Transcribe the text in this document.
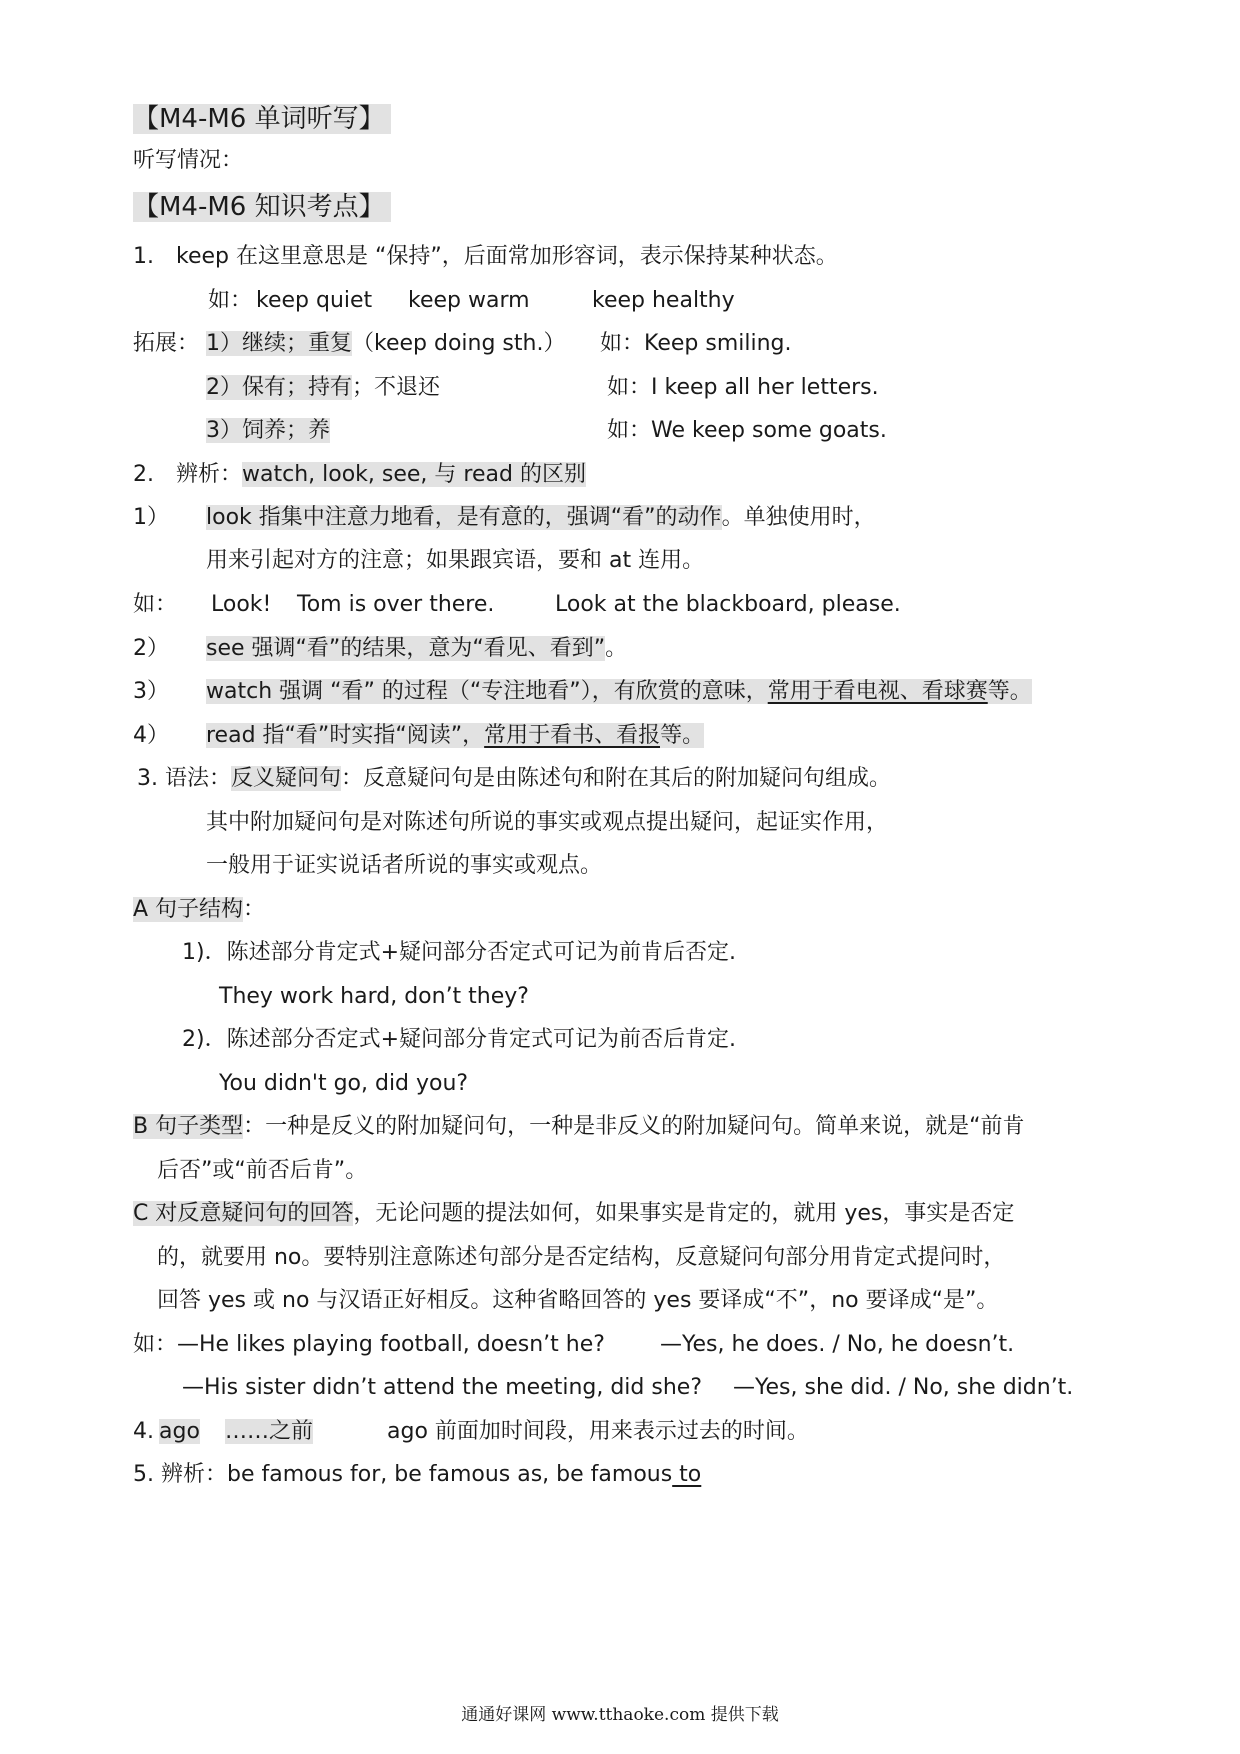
【M4-M6 单词听写】
听写情况：
【M4-M6 知识考点】
1. keep 在这里意思是 “保持”，后面常加形容词，表示保持某种状态。
如： keep quiet keep warm	keep healthy
拓展： 1）继续；重复（keep doing sth.） 如：Keep smiling.
2）保有；持有；不退还	如：I keep all her letters.
3）饲养；养	如：We keep some goats.
2. 辨析：watch, look, see, 与 read 的区别
1） look 指集中注意力地看，是有意的，强调“看”的动作。单独使用时，
用来引起对方的注意；如果跟宾语，要和 at 连用。
如： Look! Tom is over there.	Look at the blackboard, please.
2） see 强调“看”的结果，意为“看见、看到”。
3） watch 强调 “看” 的过程（“专注地看”），有欣赏的意味，常用于看电视、看球赛等。
4） read 指“看”时实指“阅读”，常用于看书、看报等。
3. 语法：反义疑问句：反意疑问句是由陈述句和附在其后的附加疑问句组成。
其中附加疑问句是对陈述句所说的事实或观点提出疑问，起证实作用，
一般用于证实说话者所说的事实或观点。
A 句子结构：
1)．陈述部分肯定式+疑问部分否定式可记为前肯后否定.
They work hard, don’t they?
2)．陈述部分否定式+疑问部分肯定式可记为前否后肯定.
You didn't go, did you?
B 句子类型：一种是反义的附加疑问句，一种是非反义的附加疑问句。简单来说，就是“前肯
后否”或“前否后肯”。
C 对反意疑问句的回答，无论问题的提法如何，如果事实是肯定的，就用 yes，事实是否定
的，就要用 no。要特别注意陈述句部分是否定结构，反意疑问句部分用肯定式提问时，
回答 yes 或 no 与汉语正好相反。这种省略回答的 yes 要译成“不”，no 要译成“是”。
如：—He likes playing football, doesn’t he?	—Yes, he does. / No, he doesn’t.
—His sister didn’t attend the meeting, did she? —Yes, she did. / No, she didn’t.
4. ago ……之前	ago 前面加时间段，用来表示过去的时间。
5. 辨析：be famous for, be famous as, be famous to
通通好课网 www.tthaoke.com 提供下载
